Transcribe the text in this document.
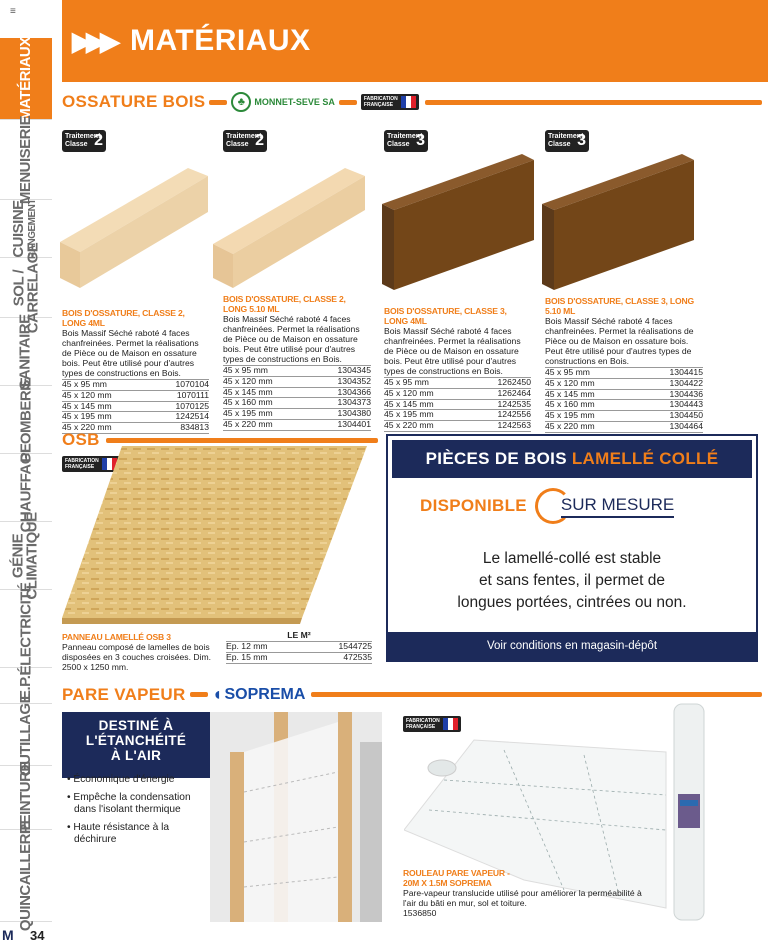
≡
MATÉRIAUX
MENUISERIE
CUISINE RANGEMENT
SOL /
CARRELAGE
SANITAIRE
PLOMBERIE
CHAUFFAGE
GÉNIE
CLIMATIQUE
ÉLECTRICITÉ
E.P.I
OUTILLAGE
PEINTURE
QUINCAILLERIE
▶▶▶ MATÉRIAUX
OSSATURE BOIS	♣	MONNET-SEVE SA	FABRICATION
FRANÇAISE
Traitement
Classe 2	Traitement
Classe 2	Traitement
Classe 3	Traitement
Classe 3
BOIS D'OSSATURE, CLASSE 2, LONG 4ML
Bois Massif Séché raboté 4 faces chanfreinées. Permet la réalisations de Pièce ou de Maison en ossature bois. Peut être utilisé pour d'autres types de constructions en Bois.
45 x 95 mm	1070104
45 x 120 mm	1070111
45 x 145 mm	1070125
45 x 195 mm	1242514
45 x 220 mm	834813
BOIS D'OSSATURE, CLASSE 2, LONG 5.10 ML
Bois Massif Séché raboté 4 faces chanfreinées. Permet la réalisations de Pièce ou de Maison en ossature bois. Peut être utilisé pour d'autres types de constructions en Bois.
45 x 95 mm	1304345
45 x 120 mm	1304352
45 x 145 mm	1304366
45 x 160 mm	1304373
45 x 195 mm	1304380
45 x 220 mm	1304401
BOIS D'OSSATURE, CLASSE 3, LONG 4ML
Bois Massif Séché raboté 4 faces chanfreinées. Permet la réalisations de Pièce ou de Maison en ossature bois. Peut être utilisé pour d'autres types de constructions en Bois.
45 x 95 mm	1262450
45 x 120 mm	1262464
45 x 145 mm	1242535
45 x 195 mm	1242556
45 x 220 mm	1242563
BOIS D'OSSATURE, CLASSE 3, LONG 5.10 ML
Bois Massif Séché raboté 4 faces chanfreinées. Permet la réalisations de Pièce ou de Maison en ossature bois. Peut être utilisé pour d'autres types de constructions en Bois.
45 x 95 mm	1304415
45 x 120 mm	1304422
45 x 145 mm	1304436
45 x 160 mm	1304443
45 x 195 mm	1304450
45 x 220 mm	1304464
OSB
FABRICATION
FRANÇAISE
PANNEAU LAMELLÉ OSB 3
Panneau composé de lamelles de bois disposées en 3 couches croisées. Dim. 2500 x 1250 mm.
LE M²
Ep. 12 mm	1544725
Ep. 15 mm	472535
PIÈCES DE BOIS LAMELLÉ COLLÉ
DISPONIBLE SUR MESURE
Le lamellé-collé est stable
et sans fentes, il permet de
longues portées, cintrées ou non.
Voir conditions en magasin-dépôt
PARE VAPEUR ◖ SOPREMA
DESTINÉ À
L'ÉTANCHÉITÉ
À L'AIR
• Économique d'énergie
• Empêche la condensation dans l'isolant thermique
• Haute résistance à la déchirure
FABRICATION
FRANÇAISE
ROULEAU PARE VAPEUR - 20M X 1.5M SOPREMA
Pare-vapeur translucide utilisé pour améliorer la perméabilité à l'air du bâti en mur, sol et toiture.
1536850
M 34
